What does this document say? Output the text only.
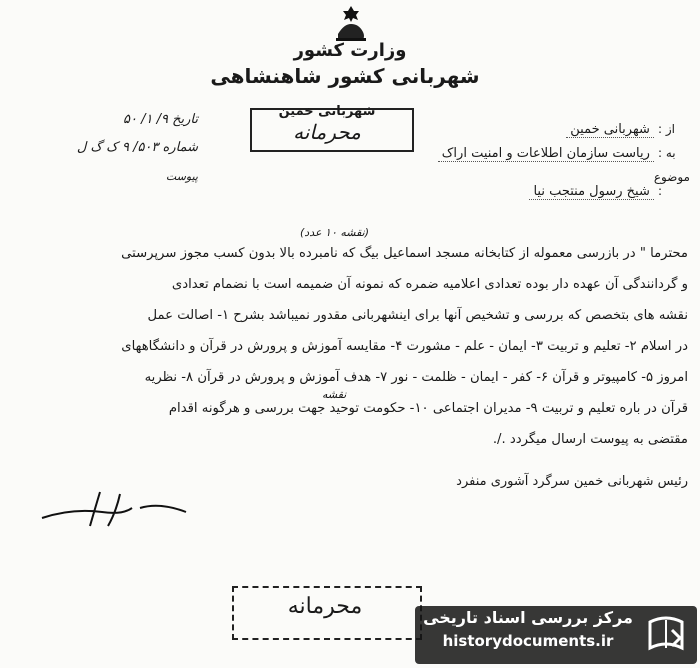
وزارت کشور
شهربانی کشور شاهنشاهی
شهربانی خمین
محرمانه
تاریخ ۹/ ۱/ ۵۰
شماره ۵۰۳/ ۹ ک گ ل
پیوست
از : شهربانی خمین
به : ریاست سازمان اطلاعات و امنیت اراک
موضوع : شیخ رسول منتجب نیا
محترما " در بازرسی معموله از کتابخانه مسجد اسماعیل بیگ که نامبرده بالا بدون کسب مجوز سرپرستی
و گردانندگی آن عهده دار بوده تعدادی اعلامیه ضمره که نمونه آن ضمیمه است با نضمام تعدادی
نقشه های بتخصص که بررسی و تشخیص آنها برای اینشهربانی مقدور نمیباشد بشرح ۱- اصالت عمل
در اسلام ۲- تعلیم و تربیت ۳- ایمان - علم - مشورت ۴- مقایسه آموزش و پرورش در قرآن و دانشگاههای
امروز ۵- کامپیوتر و قرآن ۶- کفر - ایمان - ظلمت - نور ۷- هدف آموزش و پرورش در قرآن ۸- نظریه
قرآن در باره تعلیم و تربیت ۹- مدیران اجتماعی ۱۰- حکومت توحید جهت بررسی و هرگونه اقدام
مقتضی به پیوست ارسال میگردد ./.
(نقشه ۱۰ عدد)
نقشه
رئیس شهربانی خمین سرگرد آشوری منفرد
محرمانه	مرکز بررسی اسناد تاریخی
historydocuments.ir
